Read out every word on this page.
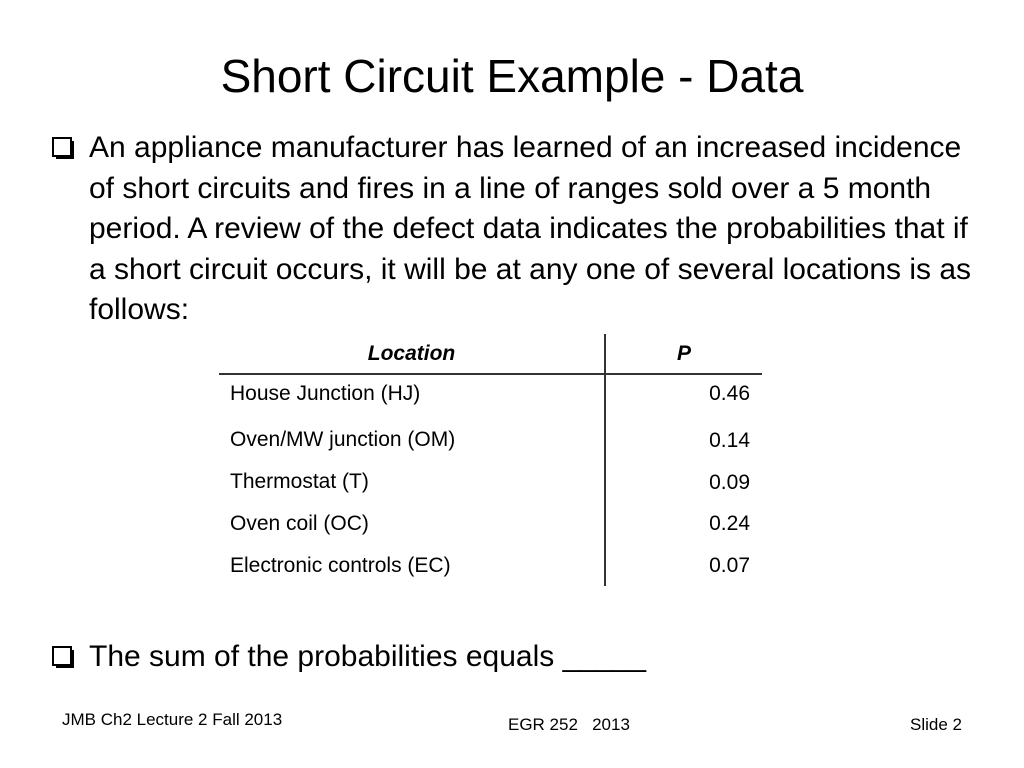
Short Circuit Example - Data
An appliance manufacturer has learned of an increased incidence of short circuits and fires in a line of ranges sold over a 5 month period. A review of the defect data indicates the probabilities that if a short circuit occurs, it will be at any one of several locations is as follows:
Location	P
House Junction (HJ)	0.46
Oven/MW junction (OM)	0.14
Thermostat (T)	0.09
Oven coil (OC)	0.24
Electronic controls (EC)	0.07
The sum of the probabilities equals _____
JMB Ch2 Lecture 2 Fall 2013	EGR 252   2013	Slide 2
